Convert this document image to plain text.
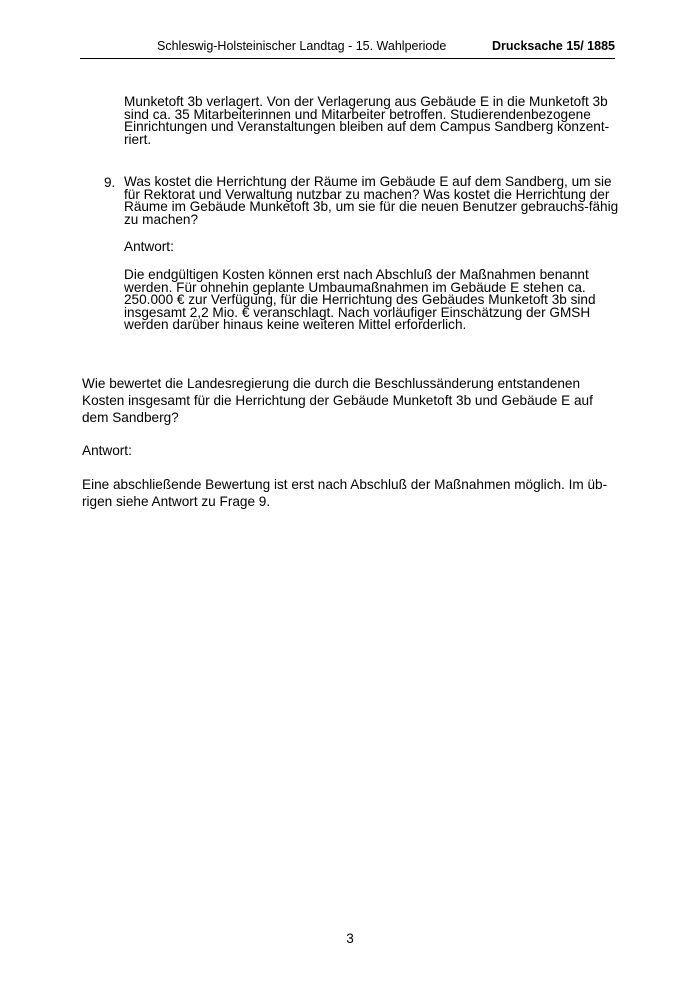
Schleswig-Holsteinischer Landtag - 15. Wahlperiode	Drucksache 15/ 1885

Munketoft 3b verlagert. Von der Verlagerung aus Gebäude E in die Munketoft 3b sind ca. 35 Mitarbeiterinnen und Mitarbeiter betroffen. Studierendenbezogene Einrichtungen und Veranstaltungen bleiben auf dem Campus Sandberg konzent-riert.

9. Was kostet die Herrichtung der Räume im Gebäude E auf dem Sandberg, um sie für Rektorat und Verwaltung nutzbar zu machen? Was kostet die Herrichtung der Räume im Gebäude Munketoft 3b, um sie für die neuen Benutzer gebrauchs-fähig zu machen?

Antwort:

Die endgültigen Kosten können erst nach Abschluß der Maßnahmen benannt werden. Für ohnehin geplante Umbaumaßnahmen im Gebäude E stehen ca. 250.000 € zur Verfügung, für die Herrichtung des Gebäudes Munketoft 3b sind insgesamt 2,2 Mio. € veranschlagt. Nach vorläufiger Einschätzung der GMSH werden darüber hinaus keine weiteren Mittel erforderlich.

Wie bewertet die Landesregierung die durch die Beschlussänderung entstandenen Kosten insgesamt für die Herrichtung der Gebäude Munketoft 3b und Gebäude E auf dem Sandberg?

Antwort:

Eine abschließende Bewertung ist erst nach Abschluß der Maßnahmen möglich. Im üb-rigen siehe Antwort zu Frage 9.

3
